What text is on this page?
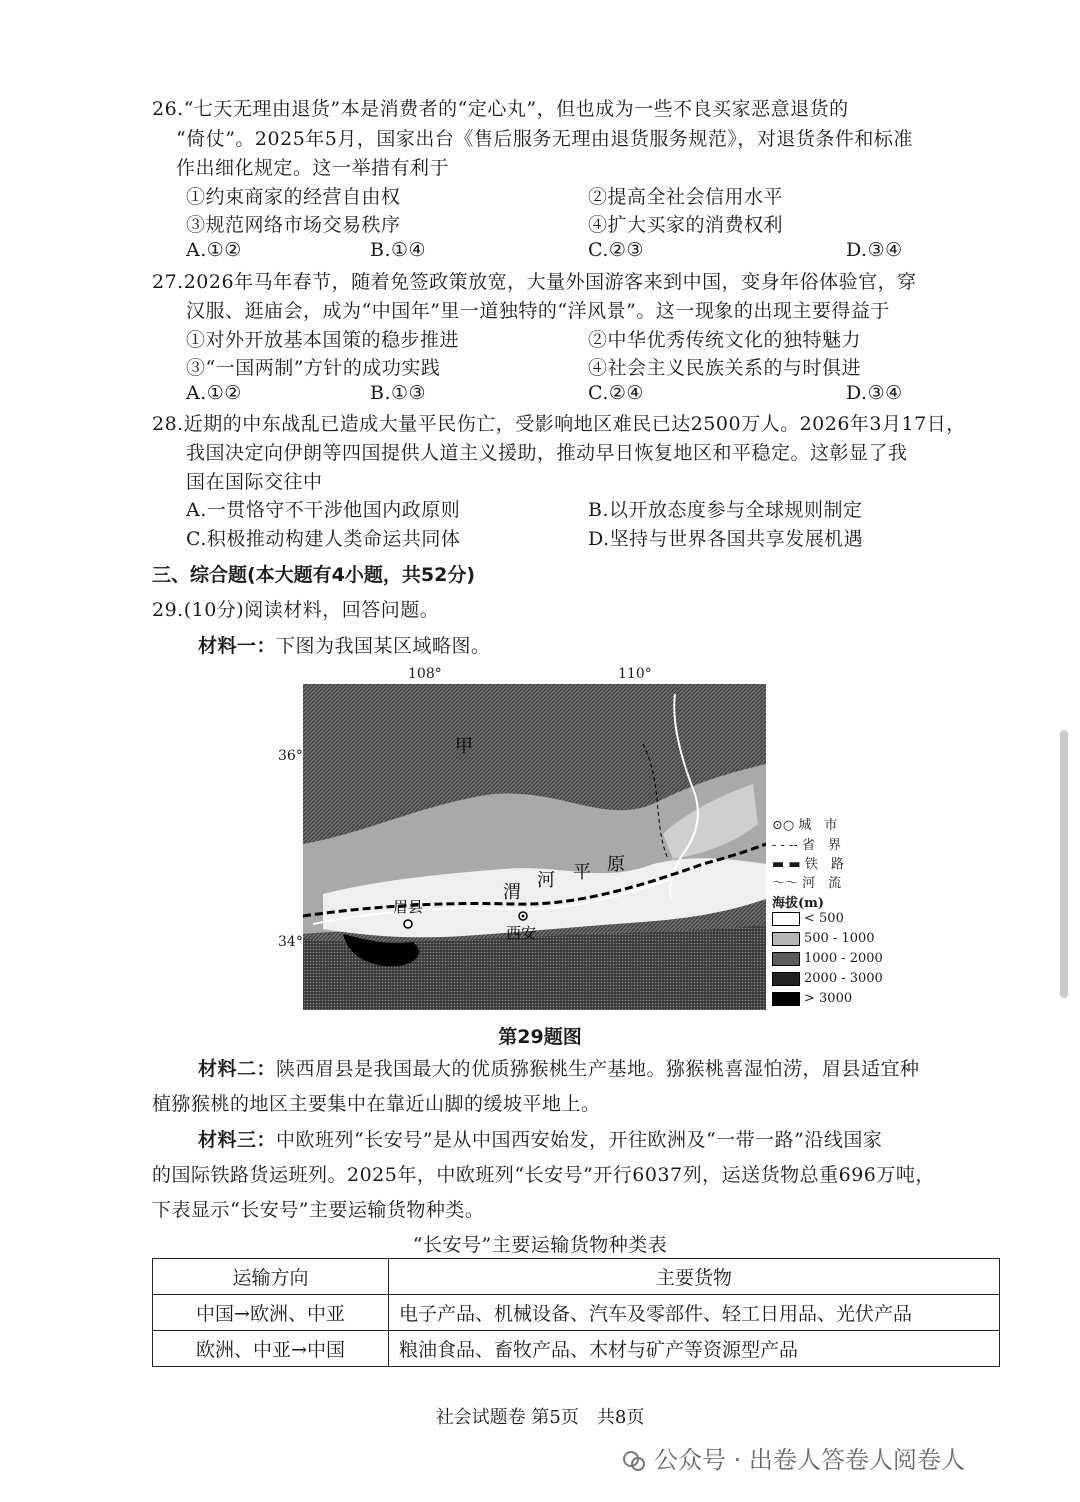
26.“七天无理由退货”本是消费者的“定心丸”，但也成为一些不良买家恶意退货的
“倚仗”。2025年5月，国家出台《售后服务无理由退货服务规范》，对退货条件和标准
作出细化规定。这一举措有利于
①约束商家的经营自由权	②提高全社会信用水平
③规范网络市场交易秩序	④扩大买家的消费权利
A.①②	B.①④	C.②③	D.③④
27.2026年马年春节，随着免签政策放宽，大量外国游客来到中国，变身年俗体验官，穿
汉服、逛庙会，成为“中国年”里一道独特的“洋风景”。这一现象的出现主要得益于
①对外开放基本国策的稳步推进	②中华优秀传统文化的独特魅力
③“一国两制”方针的成功实践	④社会主义民族关系的与时俱进
A.①②	B.①③	C.②④	D.③④
28.近期的中东战乱已造成大量平民伤亡，受影响地区难民已达2500万人。2026年3月17日，
我国决定向伊朗等四国提供人道主义援助，推动早日恢复地区和平稳定。这彰显了我
国在国际交往中
A.一贯恪守不干涉他国内政原则	B.以开放态度参与全球规则制定
C.积极推动构建人类命运共同体	D.坚持与世界各国共享发展机遇
三、综合题(本大题有4小题，共52分)
29.(10分)阅读材料，回答问题。
材料一：下图为我国某区域略图。
108°	110°
36°
34°
甲
渭
河 平 原
眉县
西安
⊙○ 城　市
- - -- 省　界
▬ ▬ 铁　路
～～ 河　流
海拔(m)
< 500
500 - 1000
1000 - 2000
2000 - 3000
> 3000
第29题图
材料二：陕西眉县是我国最大的优质猕猴桃生产基地。猕猴桃喜湿怕涝，眉县适宜种
植猕猴桃的地区主要集中在靠近山脚的缓坡平地上。
材料三：中欧班列“长安号”是从中国西安始发，开往欧洲及“一带一路”沿线国家
的国际铁路货运班列。2025年，中欧班列“长安号”开行6037列，运送货物总重696万吨，
下表显示“长安号”主要运输货物种类。
“长安号”主要运输货物种类表
运输方向	主要货物
中国→欧洲、中亚	电子产品、机械设备、汽车及零部件、轻工日用品、光伏产品
欧洲、中亚→中国	粮油食品、畜牧产品、木材与矿产等资源型产品
社会试题卷 第5页　共8页
公众号 · 出卷人答卷人阅卷人
